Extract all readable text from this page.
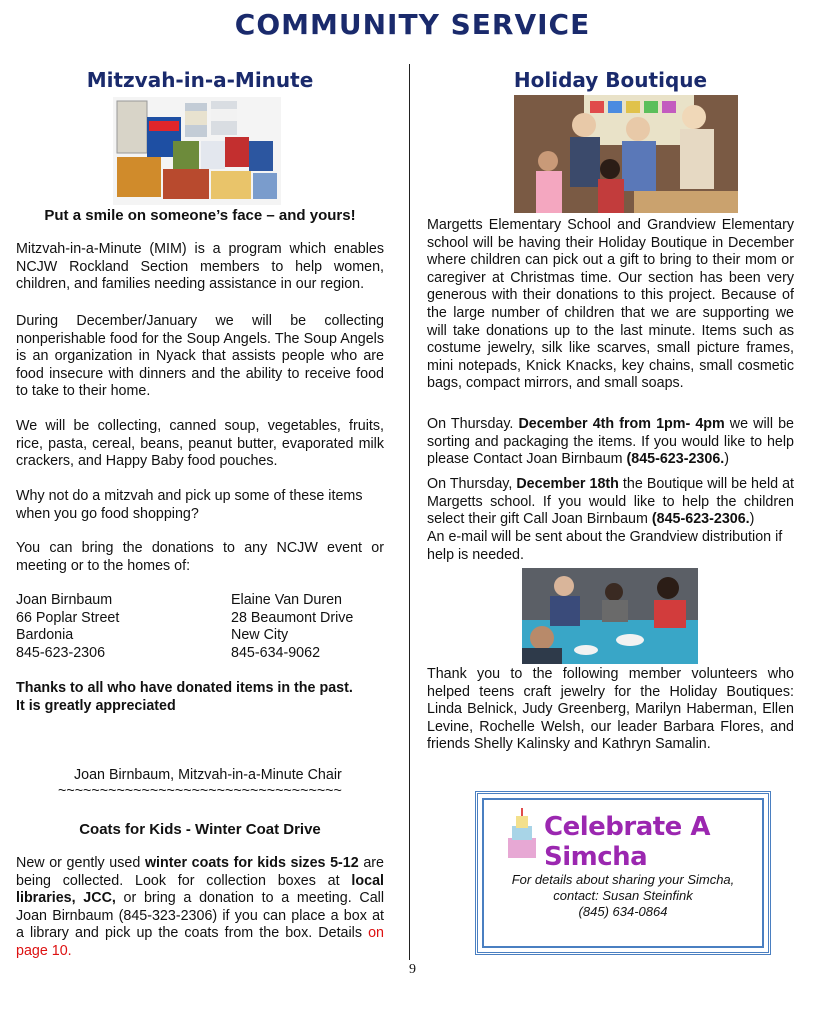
COMMUNITY SERVICE
Mitzvah-in-a-Minute
Put a smile on someone’s face – and yours!
Mitzvah-in-a-Minute (MIM) is a program which enables NCJW Rockland Section members to help women, children, and families needing assistance in our region.
During December/January we will be collecting nonperishable food for the Soup Angels. The Soup Angels is an organization in Nyack that assists people who are food insecure with dinners and the ability to receive food to take to their home.
We will be collecting, canned soup, vegetables, fruits, rice, pasta, cereal, beans, peanut butter, evaporated milk crackers, and Happy Baby food pouches.
Why not do a mitzvah and pick up some of these items when you go food shopping?
You can bring the donations to any NCJW event or meeting or to the homes of:
Joan Birnbaum
66 Poplar Street
Bardonia
845-623-2306
Elaine Van Duren
28 Beaumont Drive
New City
845-634-9062
Thanks to all who have donated items in the past.
It is greatly appreciated
Joan Birnbaum, Mitzvah-in-a-Minute Chair
~~~~~~~~~~~~~~~~~~~~~~~~~~~~~~~~~~
Coats for Kids - Winter Coat Drive
New or gently used winter coats for kids sizes 5-12 are being collected. Look for collection boxes at local libraries, JCC, or bring a donation to a meeting. Call Joan Birnbaum (845-323-2306) if you can place a box at a library and pick up the coats from the box. Details on page 10.
Holiday Boutique
Margetts Elementary School and Grandview Elementary school will be having their Holiday Boutique in December where children can pick out a gift to bring to their mom or caregiver at Christmas time. Our section has been very generous with their donations to this project. Because of the large number of children that we are supporting we will take donations up to the last minute. Items such as costume jewelry, silk like scarves, small picture frames, mini notepads, Knick Knacks, key chains, small cosmetic bags, compact mirrors, and small soaps.
On Thursday. December 4th from 1pm- 4pm we will be sorting and packaging the items. If you would like to help please Contact Joan Birnbaum (845-623-2306.)
On Thursday, December 18th the Boutique will be held at Margetts school. If you would like to help the children select their gift Call Joan Birnbaum (845-623-2306.)
An e-mail will be sent about the Grandview distribution if help is needed.
Thank you to the following member volunteers who helped teens craft jewelry for the Holiday Boutiques: Linda Belnick, Judy Greenberg, Marilyn Haberman, Ellen Levine, Rochelle Welsh, our leader Barbara Flores, and friends Shelly Kalinsky and Kathryn Samalin.
Celebrate A Simcha
For details about sharing your Simcha,
contact: Susan Steinfink
(845) 634-0864
9
